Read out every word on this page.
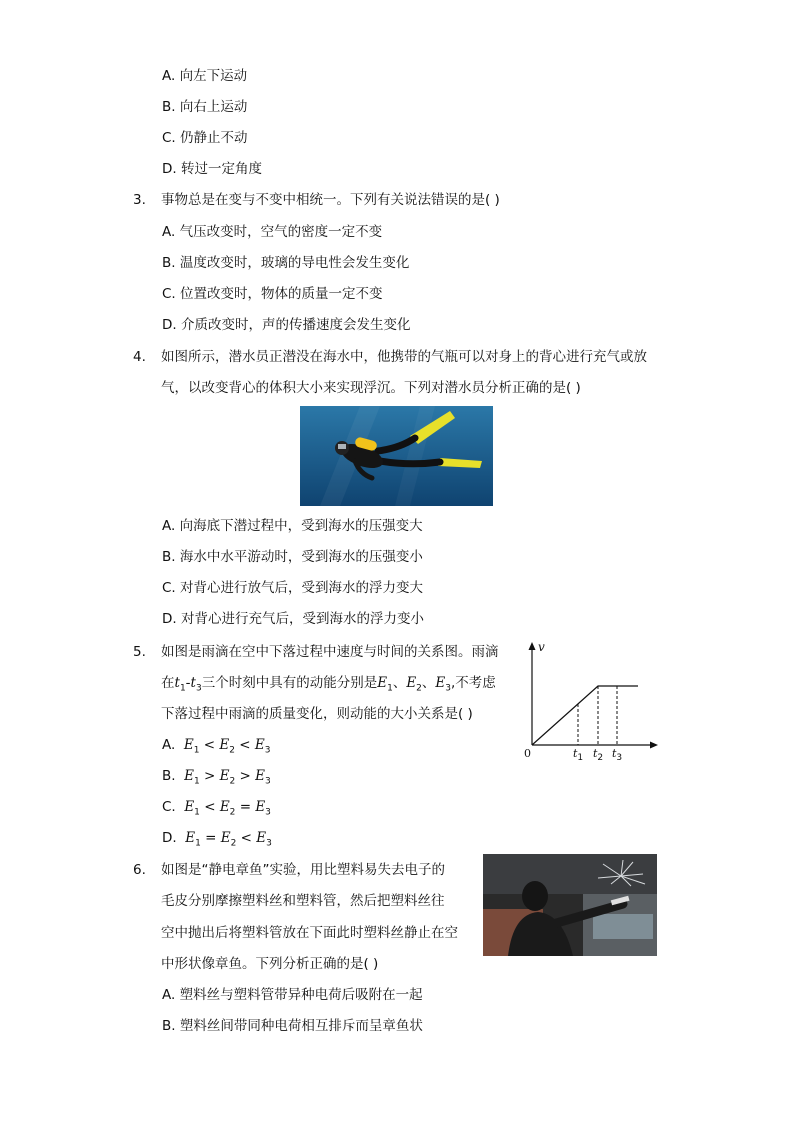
A. 向左下运动
B. 向右上运动
C. 仍静止不动
D. 转过一定角度
3. 事物总是在变与不变中相统一。下列有关说法错误的是( )
A. 气压改变时，空气的密度一定不变
B. 温度改变时，玻璃的导电性会发生变化
C. 位置改变时，物体的质量一定不变
D. 介质改变时，声的传播速度会发生变化
4. 如图所示，潜水员正潜没在海水中，他携带的气瓶可以对身上的背心进行充气或放
气，以改变背心的体积大小来实现浮沉。下列对潜水员分析正确的是( )
A. 向海底下潜过程中，受到海水的压强变大
B. 海水中水平游动时，受到海水的压强变小
C. 对背心进行放气后，受到海水的浮力变大
D. 对背心进行充气后，受到海水的浮力变小
5. 如图是雨滴在空中下落过程中速度与时间的关系图。雨滴
在$t_1-t_3$三个时刻中具有的动能分别是$E_1$、$E_2$、$E_3$,不考虑
下落过程中雨滴的质量变化，则动能的大小关系是( )
A. $E_1 < E_2 < E_3$
B. $E_1 > E_2 > E_3$
C. $E_1 < E_2 = E_3$
D. $E_1 = E_2 < E_3$
v
0	$t_1$ $t_2$ $t_3$
6. 如图是“静电章鱼”实验，用比塑料易失去电子的
毛皮分别摩擦塑料丝和塑料管，然后把塑料丝往
空中抛出后将塑料管放在下面此时塑料丝静止在空
中形状像章鱼。下列分析正确的是( )
A. 塑料丝与塑料管带异种电荷后吸附在一起
B. 塑料丝间带同种电荷相互排斥而呈章鱼状
